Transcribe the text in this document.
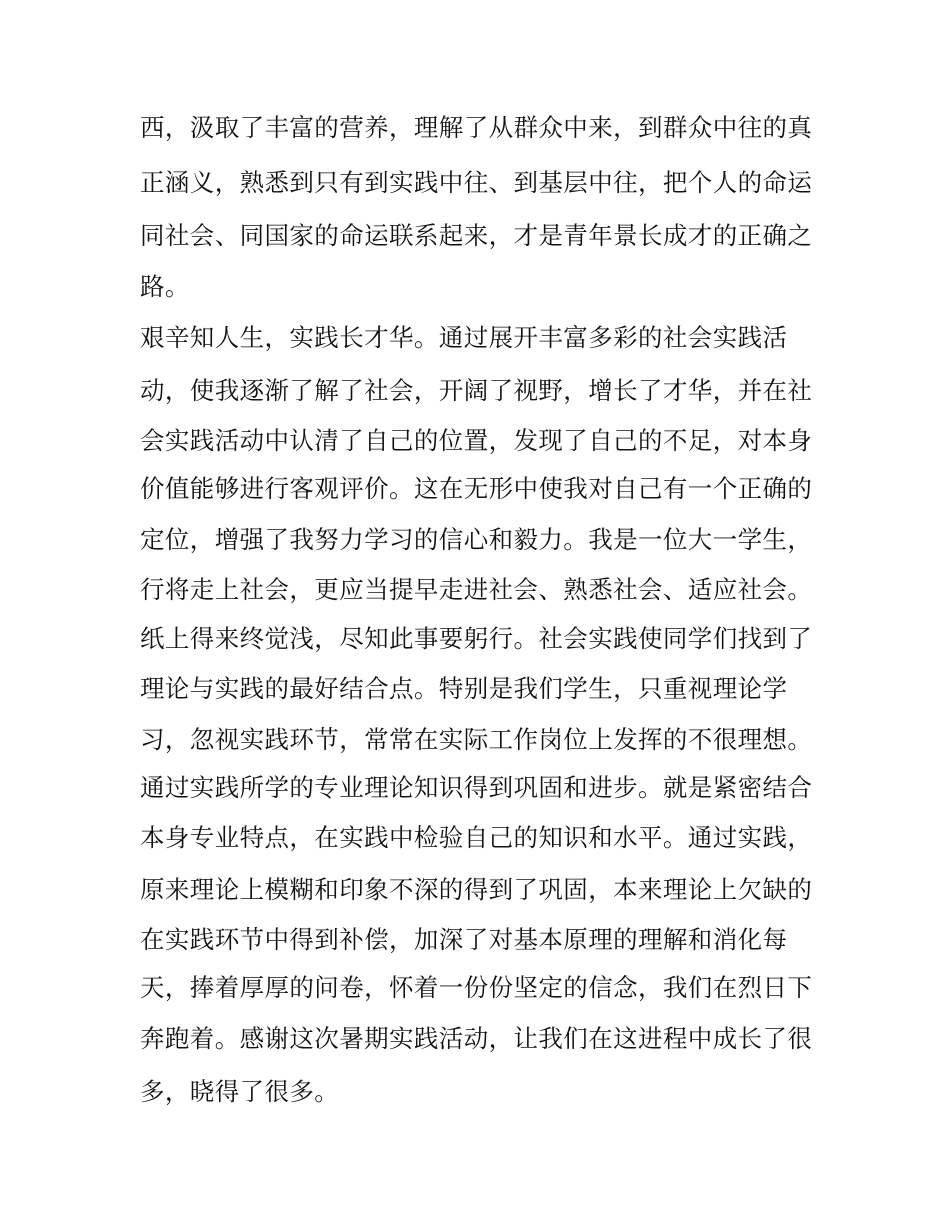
西，汲取了丰富的营养，理解了从群众中来，到群众中往的真
正涵义，熟悉到只有到实践中往、到基层中往，把个人的命运
同社会、同国家的命运联系起来，才是青年景长成才的正确之
路。
艰辛知人生，实践长才华。通过展开丰富多彩的社会实践活
动，使我逐渐了解了社会，开阔了视野，增长了才华，并在社
会实践活动中认清了自己的位置，发现了自己的不足，对本身
价值能够进行客观评价。这在无形中使我对自己有一个正确的
定位，增强了我努力学习的信心和毅力。我是一位大一学生，
行将走上社会，更应当提早走进社会、熟悉社会、适应社会。
纸上得来终觉浅，尽知此事要躬行。社会实践使同学们找到了
理论与实践的最好结合点。特别是我们学生，只重视理论学
习，忽视实践环节，常常在实际工作岗位上发挥的不很理想。
通过实践所学的专业理论知识得到巩固和进步。就是紧密结合
本身专业特点，在实践中检验自己的知识和水平。通过实践，
原来理论上模糊和印象不深的得到了巩固，本来理论上欠缺的
在实践环节中得到补偿，加深了对基本原理的理解和消化每
天，捧着厚厚的问卷，怀着一份份坚定的信念，我们在烈日下
奔跑着。感谢这次暑期实践活动，让我们在这进程中成长了很
多，晓得了很多。
